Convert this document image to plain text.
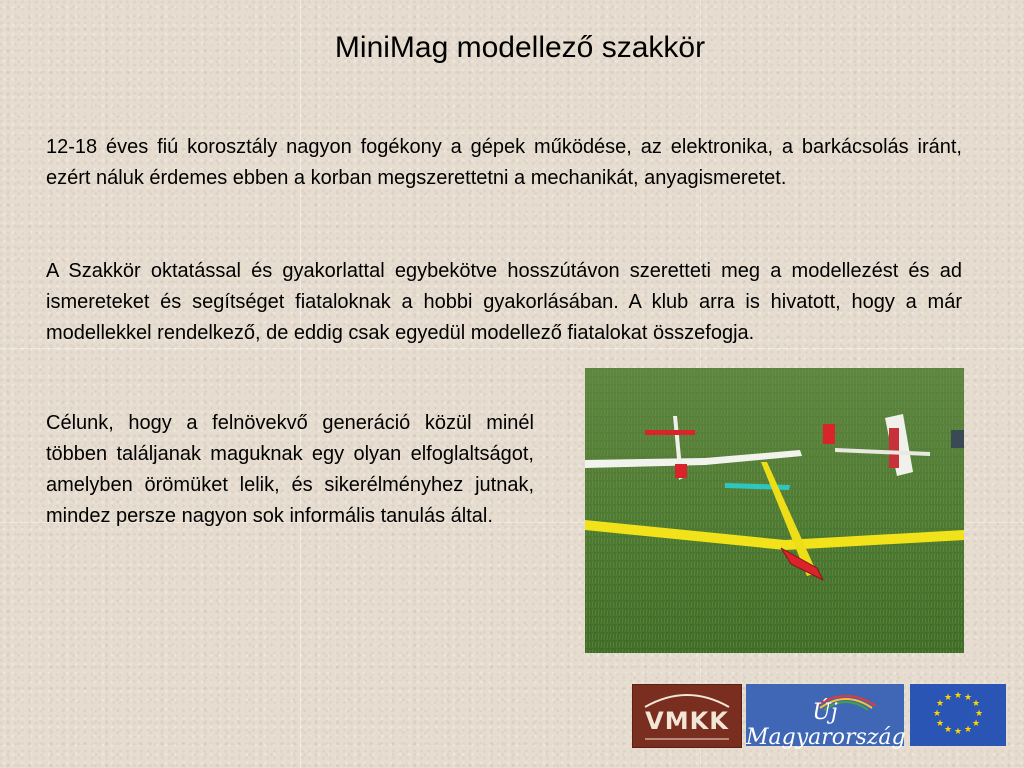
MiniMag modellező szakkör

12-18 éves fiú korosztály nagyon fogékony a gépek működése, az elektronika, a barkácsolás iránt, ezért náluk érdemes ebben a korban megszerettetni a mechanikát, anyagismeretet.

A Szakkör oktatással és gyakorlattal egybekötve hosszútávon szeretteti meg a modellezést és ad ismereteket és segítséget fiataloknak a hobbi gyakorlásában. A klub arra is hivatott, hogy a már modellekkel rendelkező, de eddig csak egyedül modellező fiatalokat összefogja.

Célunk, hogy a felnövekvő generáció közül minél többen találjanak maguknak egy olyan elfoglaltságot, amelyben örömüket lelik, és sikerélményhez jutnak, mindez persze nagyon sok informális tanulás által.

VMKK	Új Magyarország
★ ★
★
★
★
★
★
★
★
★
★
★
